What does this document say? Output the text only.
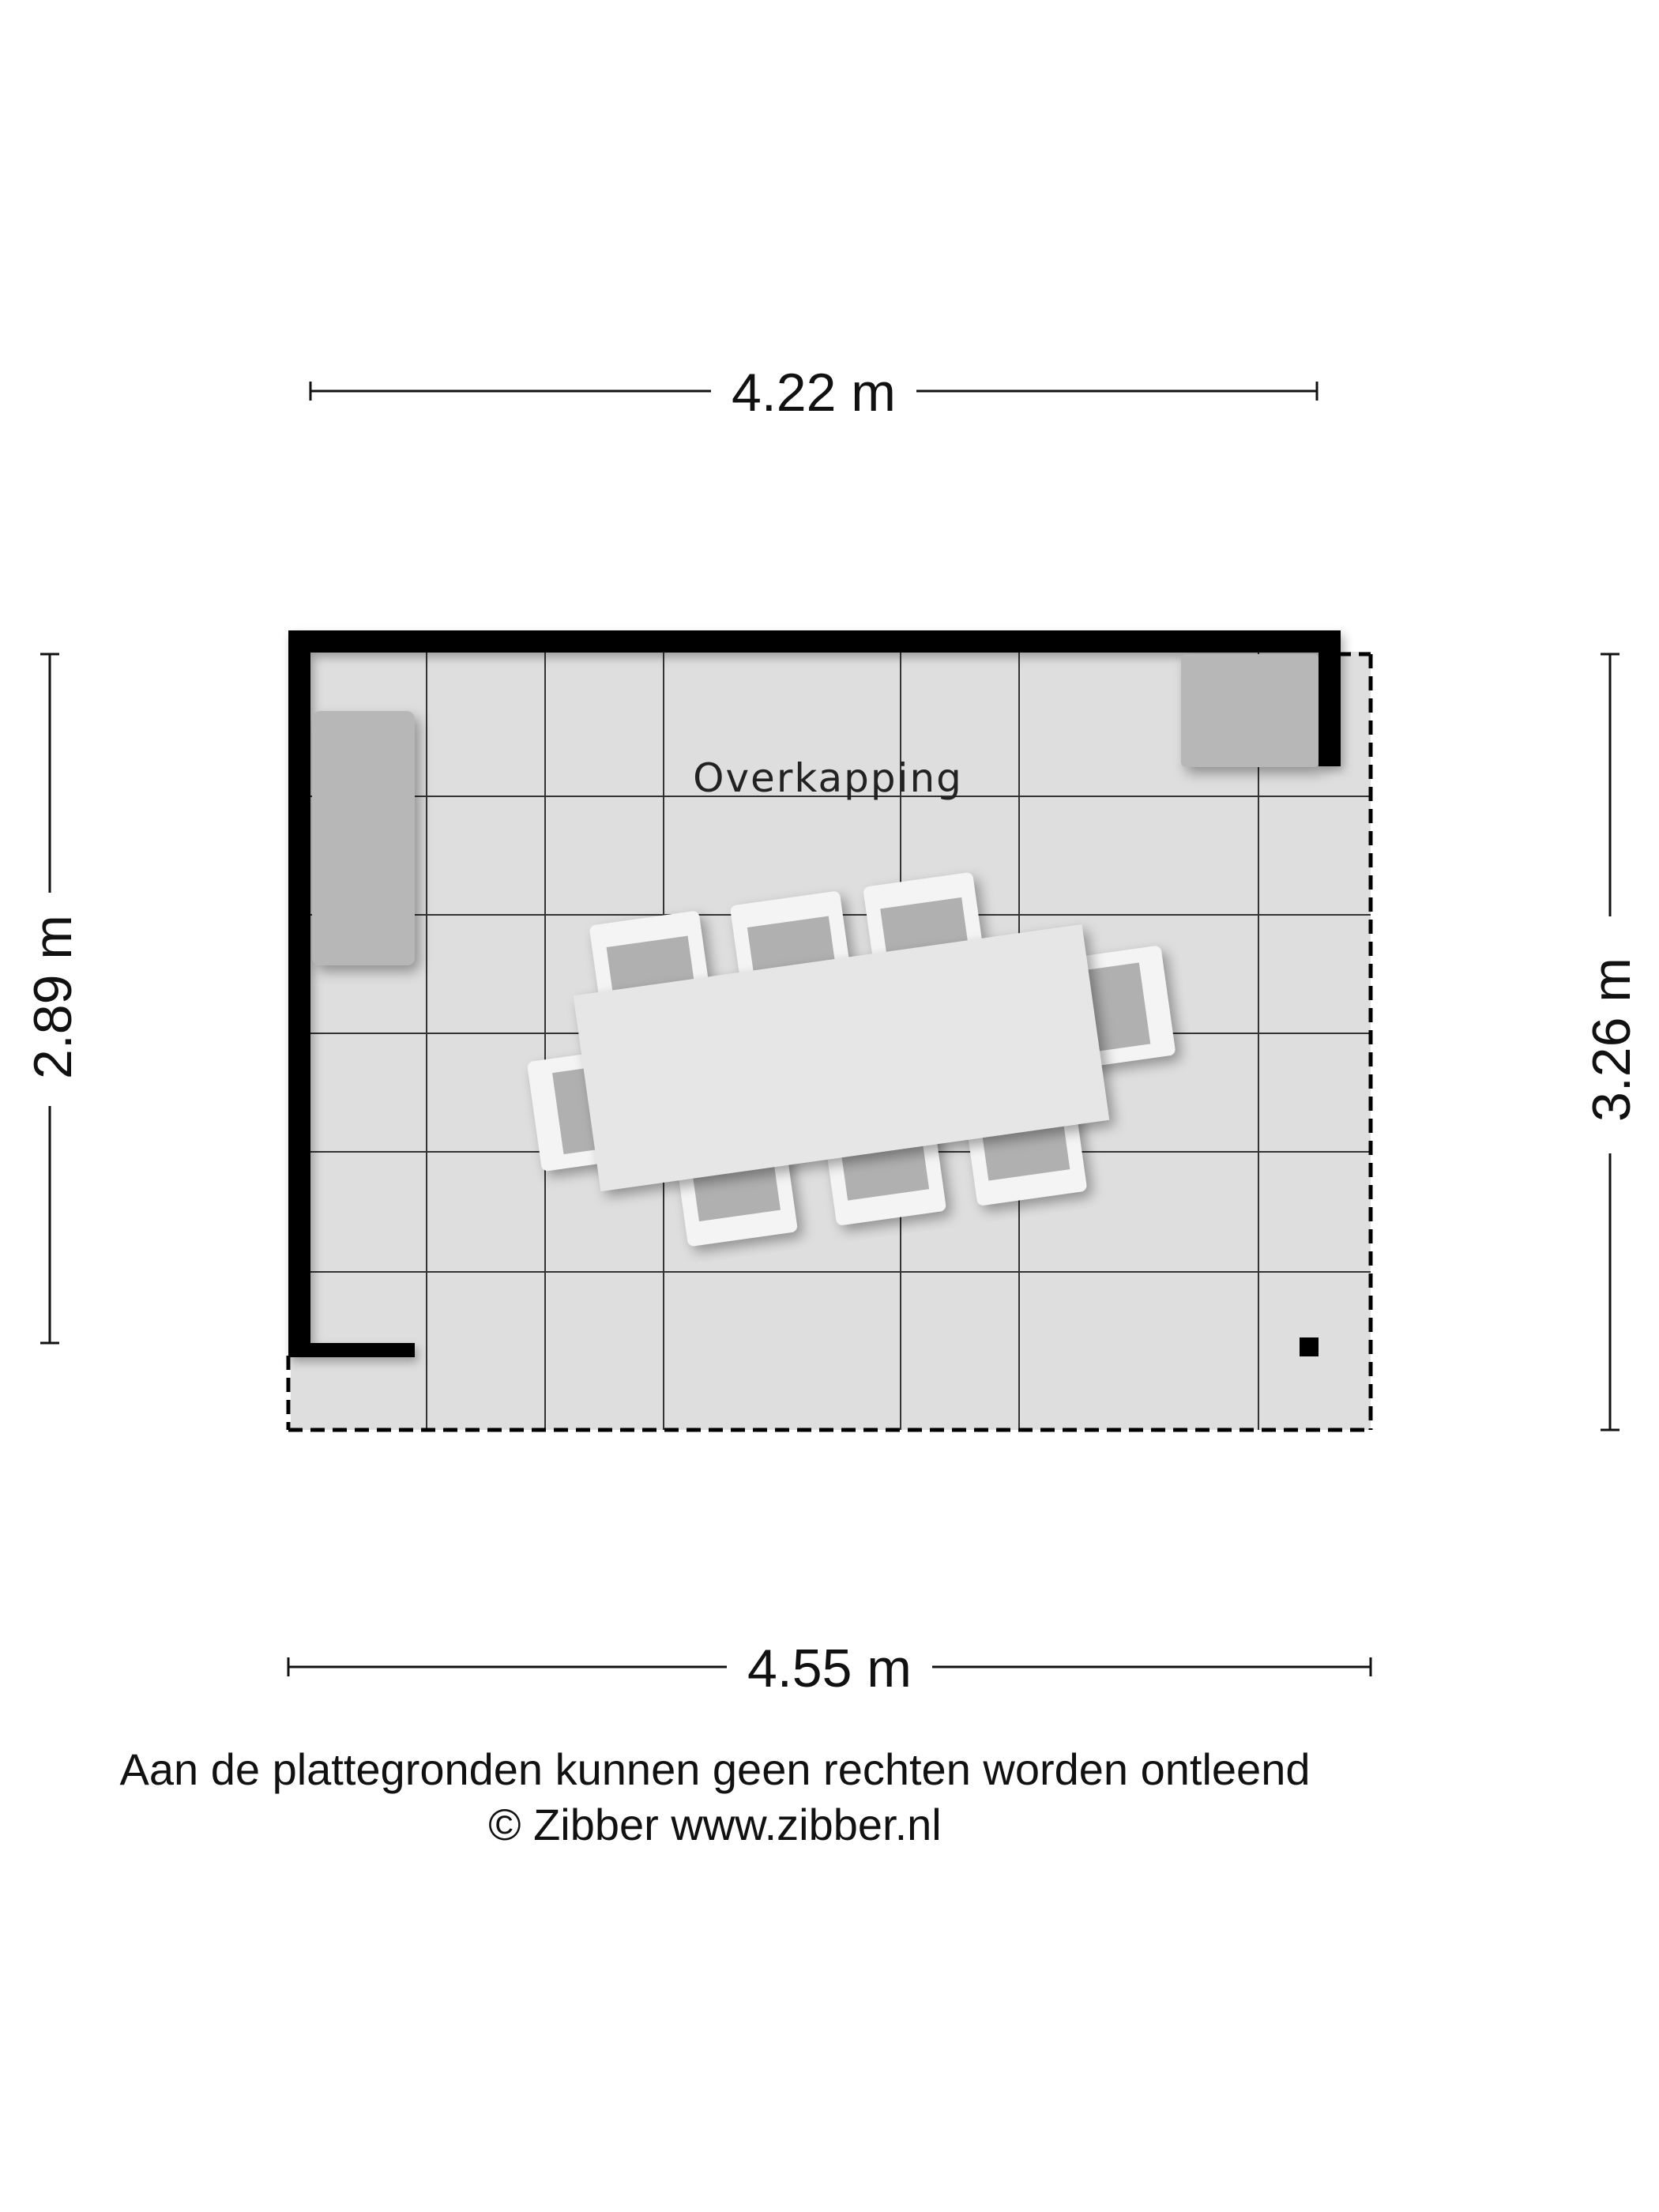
Overkapping
4.22 m
4.55 m
2.89 m	3.26 m
Aan de plattegronden kunnen geen rechten worden ontleend
© Zibber www.zibber.nl
